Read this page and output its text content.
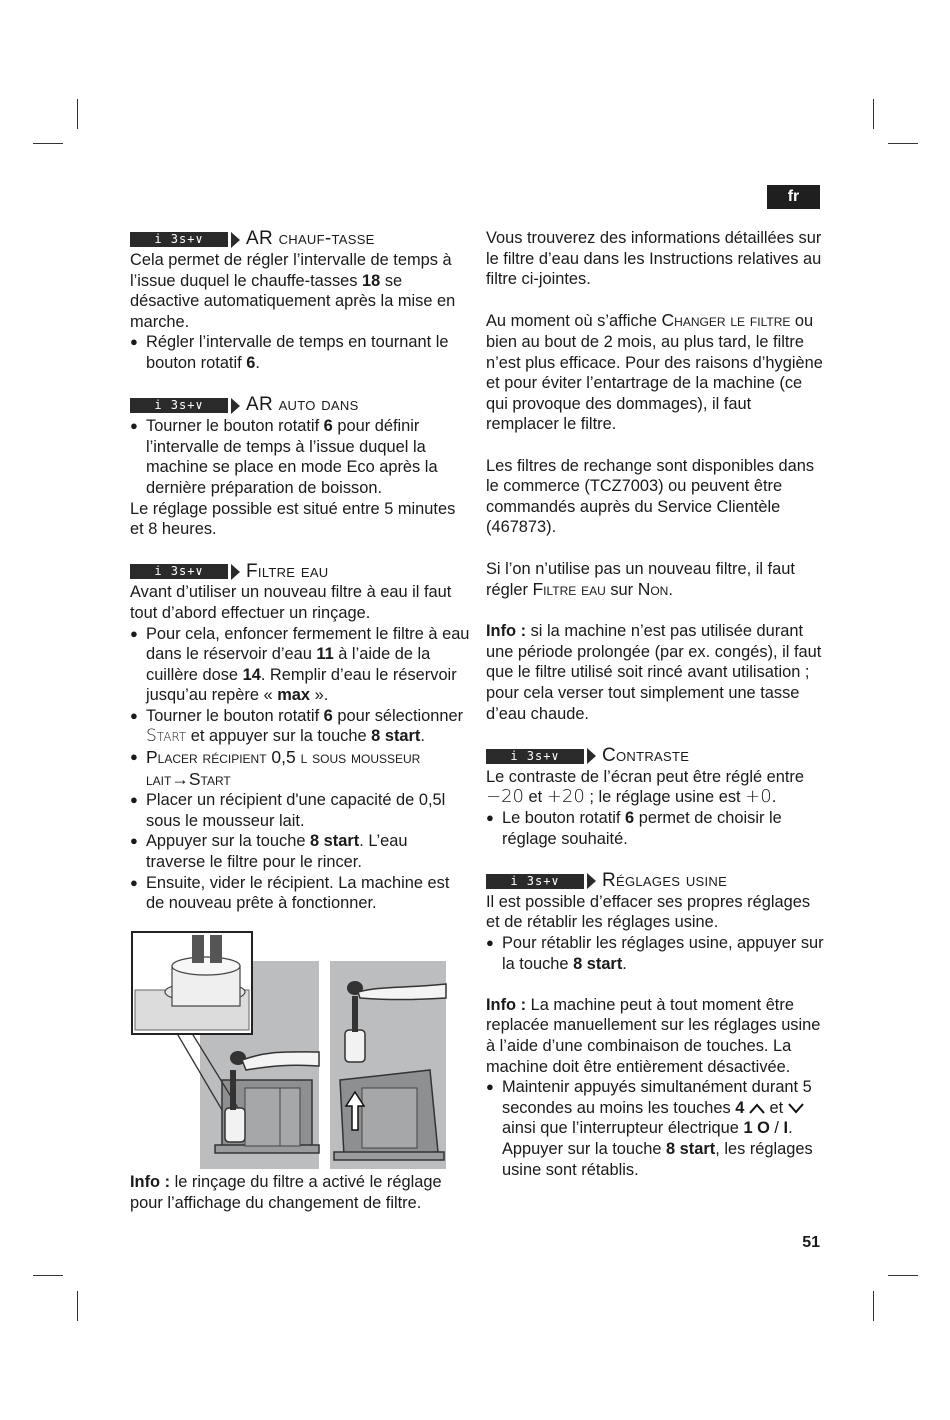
fr
i 3s+∨	AR chauf-tasse

Cela permet de régler l’intervalle de temps à l’issue duquel le chauffe-tasses 18 se désactive automatiquement après la mise en marche.

● Régler l’intervalle de temps en tournant le bouton rotatif 6.
i 3s+∨	AR auto dans
● Tourner le bouton rotatif 6 pour définir l’intervalle de temps à l’issue duquel la machine se place en mode Eco après la dernière préparation de boisson.

Le réglage possible est situé entre 5 minutes et 8 heures.

i 3s+∨	Filtre eau

Avant d’utiliser un nouveau filtre à eau il faut tout d’abord effectuer un rinçage.

● Pour cela, enfoncer fermement le filtre à eau dans le réservoir d’eau 11 à l’aide de la cuillère dose 14. Remplir d’eau le réservoir jusqu’au repère « max ».
● Tourner le bouton rotatif 6 pour sélectionner Start et appuyer sur la touche 8 start.
● Placer récipient 0,5 l sous mousseur lait→Start
● Placer un récipient d'une capacité de 0,5l sous le mousseur lait.
● Appuyer sur la touche 8 start. L’eau traverse le filtre pour le rincer.
● Ensuite, vider le récipient. La machine est de nouveau prête à fonctionner.
Info : le rinçage du filtre a activé le réglage pour l’affichage du changement de filtre.

Vous trouverez des informations détaillées sur le filtre d’eau dans les Instructions relatives au filtre ci-jointes.

Au moment où s’affiche Changer le filtre ou bien au bout de 2 mois, au plus tard, le filtre n’est plus efficace. Pour des raisons d’hygiène et pour éviter l’entartrage de la machine (ce qui provoque des dommages), il faut remplacer le filtre.

Les filtres de rechange sont disponibles dans le commerce (TCZ7003) ou peuvent être commandés auprès du Service Clientèle (467873).

Si l’on n’utilise pas un nouveau filtre, il faut régler Filtre eau sur Non.

Info : si la machine n’est pas utilisée durant une période prolongée (par ex. congés), il faut que le filtre utilisé soit rincé avant utilisation ; pour cela verser tout simplement une tasse d’eau chaude.

i 3s+∨	Contraste

Le contraste de l’écran peut être réglé entre −20 et +20 ; le réglage usine est +0.

● Le bouton rotatif 6 permet de choisir le réglage souhaité.
i 3s+∨	Réglages usine

Il est possible d’effacer ses propres réglages et de rétablir les réglages usine.

● Pour rétablir les réglages usine, appuyer sur la touche 8 start.

Info : La machine peut à tout moment être replacée manuellement sur les réglages usine à l’aide d’une combinaison de touches. La machine doit être entièrement désactivée.

● Maintenir appuyés simultanément durant 5 secondes au moins les touches 4  et  ainsi que l’interrupteur électrique 1 O / I. Appuyer sur la touche 8 start, les réglages usine sont rétablis.
51
